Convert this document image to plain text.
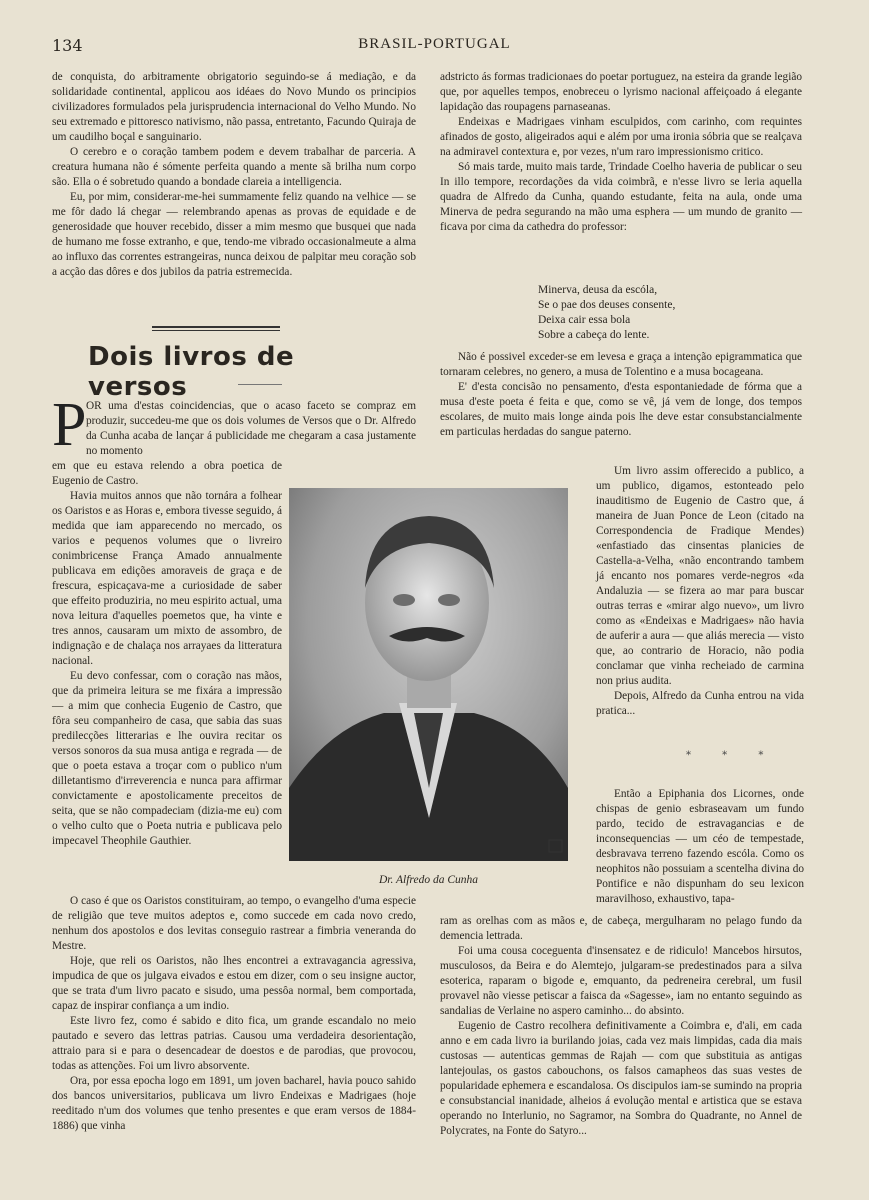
134	BRASIL-PORTUGAL

de conquista, do arbitramente obrigatorio seguindo-se á mediação, e da solidaridade continental, applicou aos idéaes do Novo Mundo os principios civilizadores formulados pela jurisprudencia internacional do Velho Mundo. No seu extremado e pittoresco nativismo, não passa, entretanto, Facundo Quiraja de um caudilho boçal e sanguinario.

O cerebro e o coração tambem podem e devem trabalhar de parceria. A creatura humana não é sómente perfeita quando a mente sã brilha num corpo são. Ella o é sobretudo quando a bondade clareia a intelligencia.

Eu, por mim, considerar-me-hei summamente feliz quando na velhice — se me fôr dado lá chegar — relembrando apenas as provas de equidade e de generosidade que houver recebido, disser a mim mesmo que busquei que nada de humano me fosse extranho, e que, tendo-me vibrado occasionalmeute a alma ao influxo das correntes estrangeiras, nunca deixou de palpitar meu coração sob a acção das dôres e dos jubilos da patria estremecida.

Dois livros de versos
P OR uma d'estas coincidencias, que o acaso faceto se compraz em produzir, succedeu-me que os dois volumes de Versos que o Dr. Alfredo da Cunha acaba de lançar á publicidade me chegaram a casa justamente no momento

em que eu estava relendo a obra poetica de Eugenio de Castro.

Havia muitos annos que não tornára a folhear os Oaristos e as Horas e, embora tivesse seguido, á medida que iam apparecendo no mercado, os varios e pequenos volumes que o livreiro conimbricense França Amado annualmente publicava em edições amoraveis de graça e de frescura, espicaçava-me a curiosidade de saber que effeito produziria, no meu espirito actual, uma nova leitura d'aquelles poemetos que, ha vinte e tres annos, causaram um mixto de assombro, de indignação e de chalaça nos arrayaes da litteratura nacional.

Eu devo confessar, com o coração nas mãos, que da primeira leitura se me fixára a impressão — a mim que conhecia Eugenio de Castro, que fôra seu companheiro de casa, que sabia das suas predilecções litterarias e lhe ouvira recitar os versos sonoros da sua musa antiga e regrada — de que o poeta estava a troçar com o publico n'um dilletantismo d'irreverencia e nunca para affirmar convictamente e apostolicamente preceitos de seita, que se não compadeciam (dizia-me eu) com o velho culto que o Poeta nutria e publicava pelo impecavel Theophile Gauthier.

Dr. Alfredo da Cunha

O caso é que os Oaristos constituiram, ao tempo, o evangelho d'uma especie de religião que teve muitos adeptos e, como succede em cada novo credo, nenhum dos apostolos e dos levitas conseguio rastrear a fimbria veneranda do Mestre.

Hoje, que reli os Oaristos, não lhes encontrei a extravagancia agressiva, impudica de que os julgava eivados e estou em dizer, com o seu insigne auctor, que se trata d'um livro pacato e sisudo, uma pessôa normal, bem comportada, capaz de inspirar confiança a um indio.

Este livro fez, como é sabido e dito fica, um grande escandalo no meio pautado e severo das lettras patrias. Causou uma verdadeira desorientação, attraio para si e para o desencadear de doestos e de parodias, que provocou, todas as attenções. Foi um livro absorvente.

Ora, por essa epocha logo em 1891, um joven bacharel, havia pouco sahido dos bancos universitarios, publicava um livro Endeixas e Madrigaes (hoje reeditado n'um dos volumes que tenho presentes e que eram versos de 1884-1886) que vinha

adstricto ás formas tradicionaes do poetar portuguez, na esteira da grande legião que, por aquelles tempos, enobreceu o lyrismo nacional affeiçoado á elegante lapidação das roupagens parnaseanas.

Endeixas e Madrigaes vinham esculpidos, com carinho, com requintes afinados de gosto, aligeirados aqui e além por uma ironia sóbria que se realçava na admiravel contextura e, por vezes, n'um raro impressionismo critico.

Só mais tarde, muito mais tarde, Trindade Coelho haveria de publicar o seu In illo tempore, recordações da vida coimbrã, e n'esse livro se leria aquella quadra de Alfredo da Cunha, quando estudante, feita na aula, onde uma Minerva de pedra segurando na mão uma esphera — um mundo de granito — ficava por cima da cathedra do professor:

Minerva, deusa da escóla,
Se o pae dos deuses consente,
Deixa cair essa bola
Sobre a cabeça do lente.

Não é possivel exceder-se em levesa e graça a intenção epigrammatica que tornaram celebres, no genero, a musa de Tolentino e a musa bocageana.

E' d'esta concisão no pensamento, d'esta espontaniedade de fórma que a musa d'este poeta é feita e que, como se vê, já vem de longe, dos tempos escolares, de muito mais longe ainda pois lhe deve estar consubstancialmente em particulas herdadas do sangue paterno.

Um livro assim offerecido a publico, a um publico, digamos, estonteado pelo inauditismo de Eugenio de Castro que, á maneira de Juan Ponce de Leon (citado na Correspondencia de Fradique Mendes) «enfastiado das cinsentas planicies de Castella-a-Velha, «não encontrando tambem já encanto nos pomares verde-negros «da Andaluzia — se fizera ao mar para buscar outras terras e «mirar algo nuevo», um livro como as «Endeixas e Madrigaes» não havia de auferir a aura — que aliás merecia — visto que, ao contrario de Horacio, não podia conclamar que vinha recheiado de carmina non prius audita.

Depois, Alfredo da Cunha entrou na vida pratica...

* * *

Então a Epiphania dos Licornes, onde chispas de genio esbraseavam um fundo pardo, tecido de estravagancias e de inconsequencias — um céo de tempestade, desbravava terreno fazendo escóla. Como os neophitos não possuiam a scentelha divina do Pontifice e não dispunham do seu lexicon maravilhoso, exhaustivo, tapa-

ram as orelhas com as mãos e, de cabeça, mergulharam no pelago fundo da demencia lettrada.

Foi uma cousa coceguenta d'insensatez e de ridiculo! Mancebos hirsutos, musculosos, da Beira e do Alemtejo, julgaram-se predestinados para a silva esoterica, raparam o bigode e, emquanto, da pedreneira cerebral, um fusil provavel não viesse petiscar a faisca da «Sagesse», iam no entanto seguindo as sandalias de Verlaine no aspero caminho... do absinto.

Eugenio de Castro recolhera definitivamente a Coimbra e, d'ali, em cada anno e em cada livro ia burilando joias, cada vez mais limpidas, cada dia mais custosas — autenticas gemmas de Rajah — com que substituia as antigas lantejoulas, os gastos cabouchons, os falsos camapheos das suas vestes de popularidade ephemera e escandalosa. Os discipulos iam-se sumindo na propria e consubstancial inanidade, alheios á evolução mental e artistica que se estava operando no Interlunio, no Sagramor, na Sombra do Quadrante, no Annel de Polycrates, na Fonte do Satyro...
